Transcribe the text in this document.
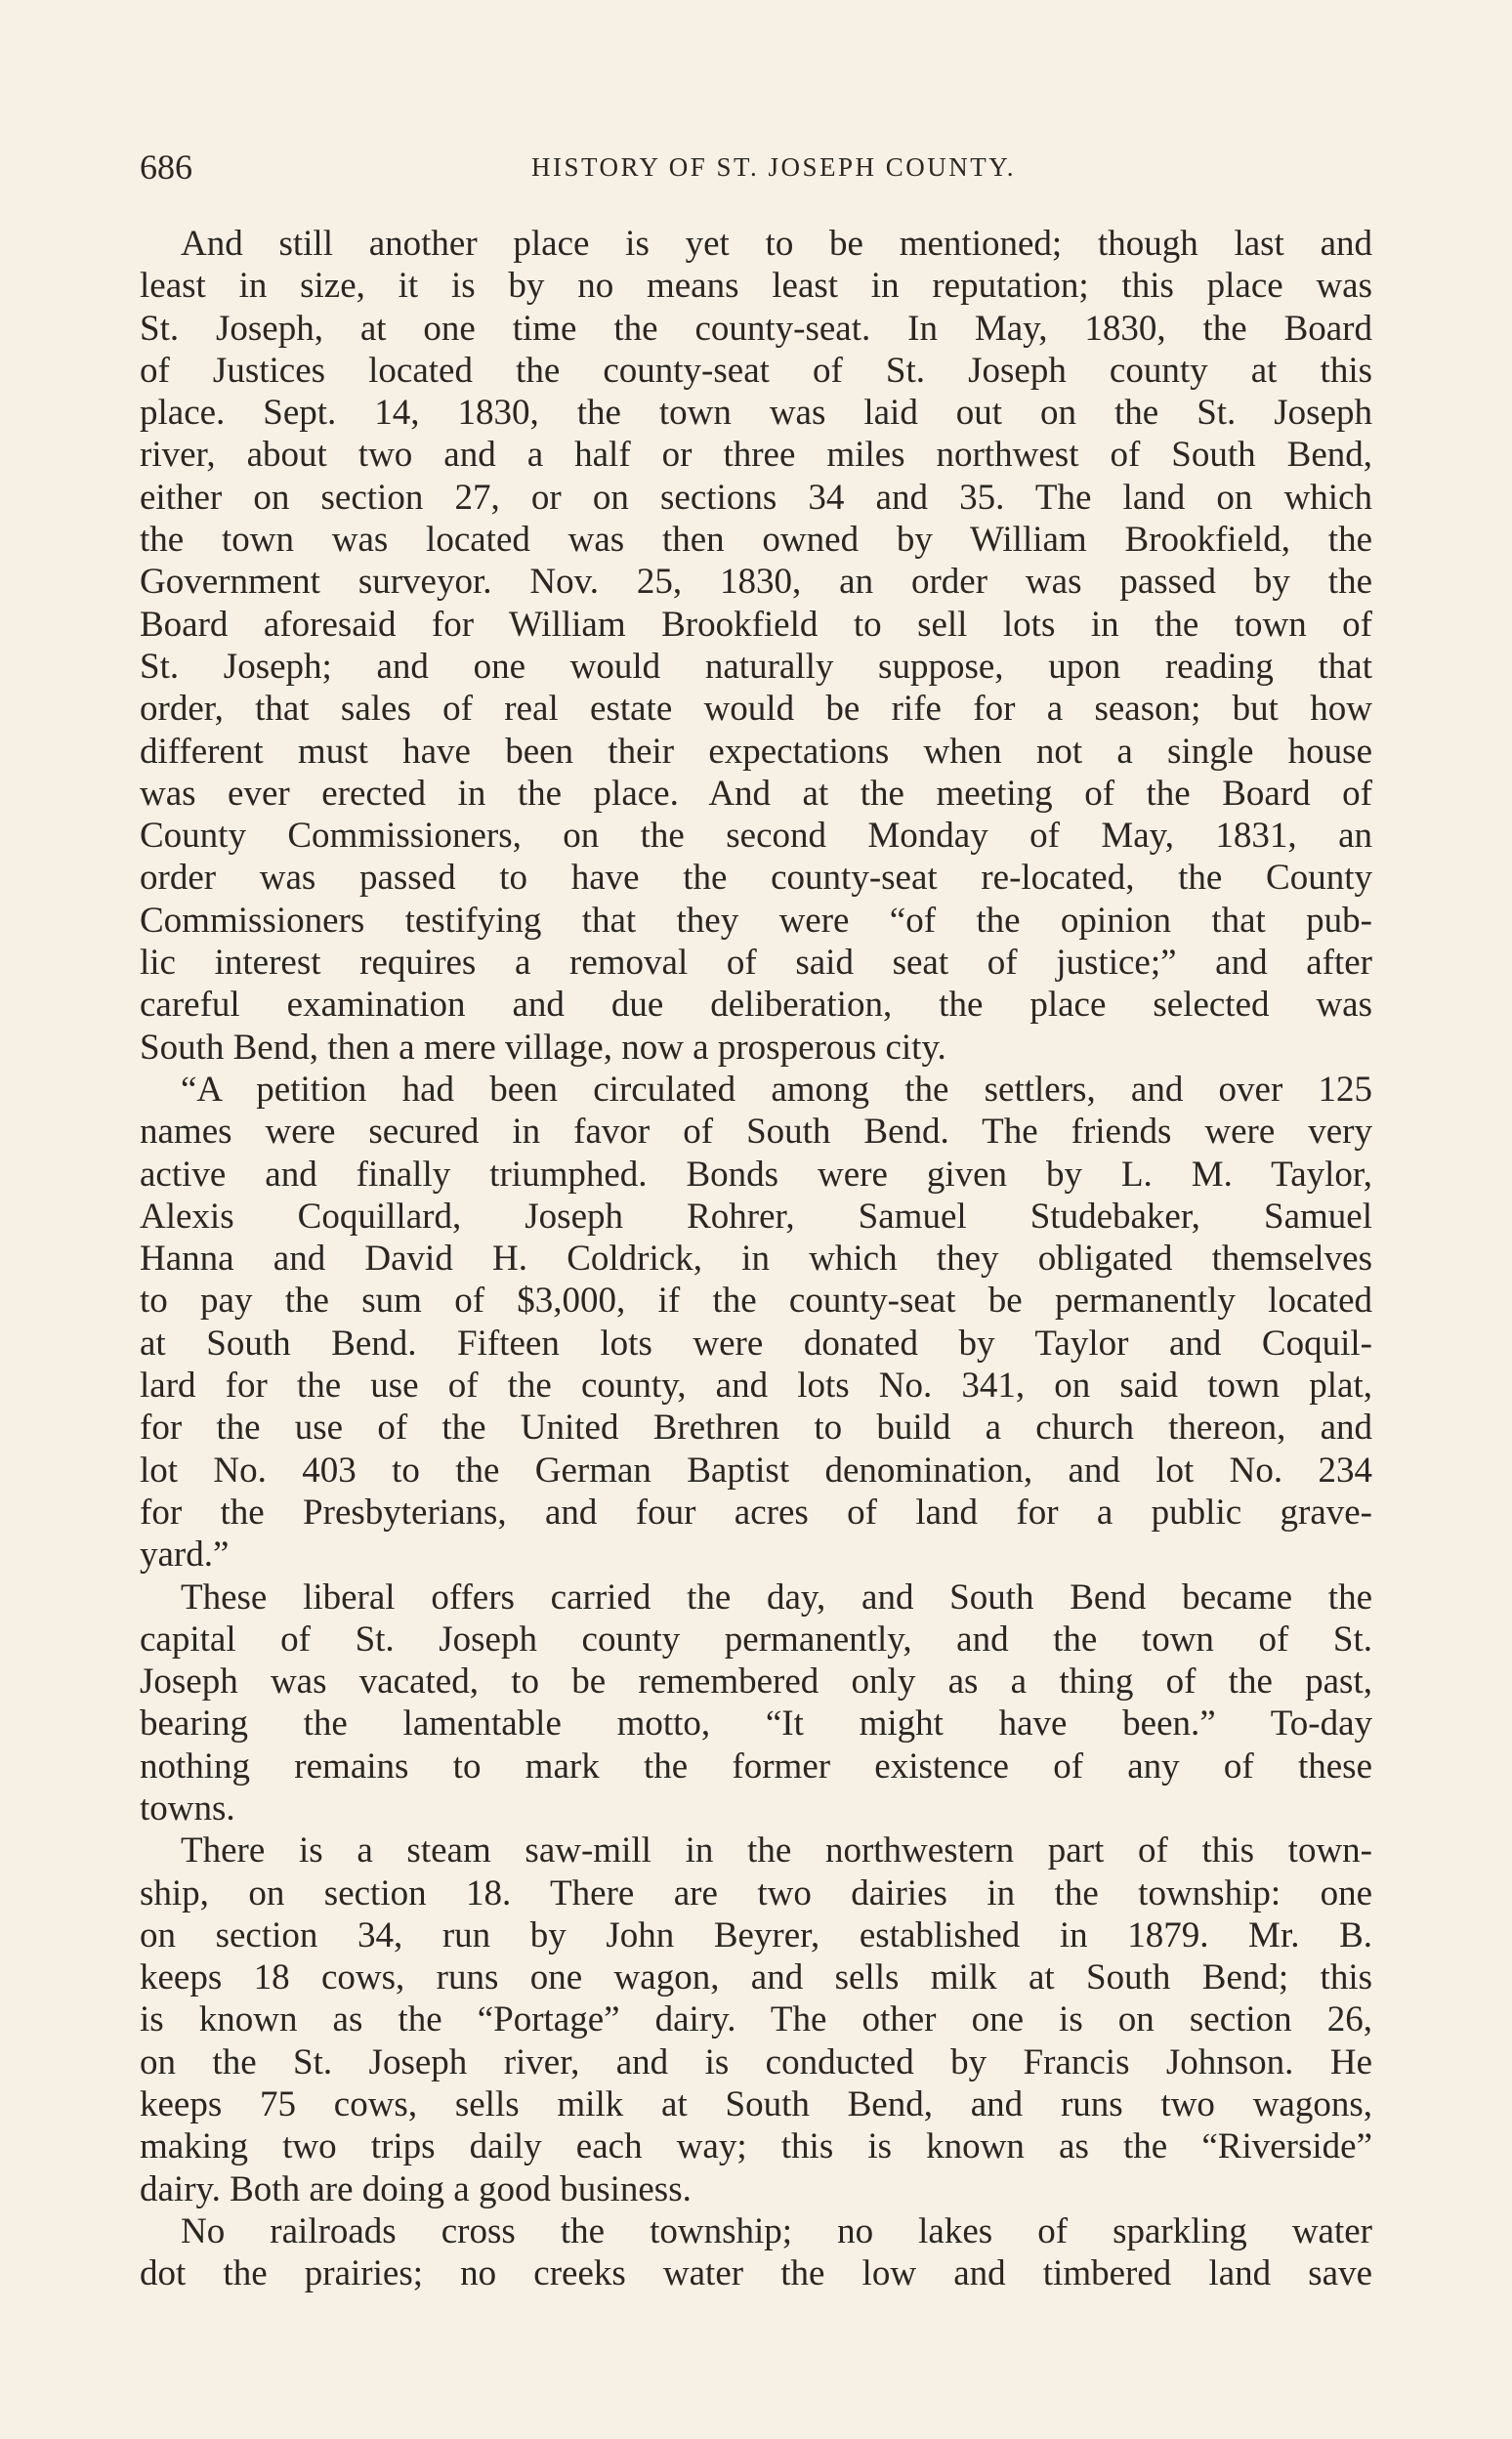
686	HISTORY OF ST. JOSEPH COUNTY.
And still another place is yet to be mentioned; though last and
least in size, it is by no means least in reputation; this place was
St. Joseph, at one time the county-seat. In May, 1830, the Board
of Justices located the county-seat of St. Joseph county at this
place. Sept. 14, 1830, the town was laid out on the St. Joseph
river, about two and a half or three miles northwest of South Bend,
either on section 27, or on sections 34 and 35. The land on which
the town was located was then owned by William Brookfield, the
Government surveyor. Nov. 25, 1830, an order was passed by the
Board aforesaid for William Brookfield to sell lots in the town of
St. Joseph; and one would naturally suppose, upon reading that
order, that sales of real estate would be rife for a season; but how
different must have been their expectations when not a single house
was ever erected in the place. And at the meeting of the Board of
County Commissioners, on the second Monday of May, 1831, an
order was passed to have the county-seat re-located, the County
Commissioners testifying that they were “of the opinion that pub-
lic interest requires a removal of said seat of justice;” and after
careful examination and due deliberation, the place selected was
South Bend, then a mere village, now a prosperous city.
“A petition had been circulated among the settlers, and over 125
names were secured in favor of South Bend. The friends were very
active and finally triumphed. Bonds were given by L. M. Taylor,
Alexis Coquillard, Joseph Rohrer, Samuel Studebaker, Samuel
Hanna and David H. Coldrick, in which they obligated themselves
to pay the sum of $3,000, if the county-seat be permanently located
at South Bend. Fifteen lots were donated by Taylor and Coquil-
lard for the use of the county, and lots No. 341, on said town plat,
for the use of the United Brethren to build a church thereon, and
lot No. 403 to the German Baptist denomination, and lot No. 234
for the Presbyterians, and four acres of land for a public grave-
yard.”
These liberal offers carried the day, and South Bend became the
capital of St. Joseph county permanently, and the town of St.
Joseph was vacated, to be remembered only as a thing of the past,
bearing the lamentable motto, “It might have been.” To-day
nothing remains to mark the former existence of any of these
towns.
There is a steam saw-mill in the northwestern part of this town-
ship, on section 18. There are two dairies in the township: one
on section 34, run by John Beyrer, established in 1879. Mr. B.
keeps 18 cows, runs one wagon, and sells milk at South Bend; this
is known as the “Portage” dairy. The other one is on section 26,
on the St. Joseph river, and is conducted by Francis Johnson. He
keeps 75 cows, sells milk at South Bend, and runs two wagons,
making two trips daily each way; this is known as the “Riverside”
dairy. Both are doing a good business.
No railroads cross the township; no lakes of sparkling water
dot the prairies; no creeks water the low and timbered land save
